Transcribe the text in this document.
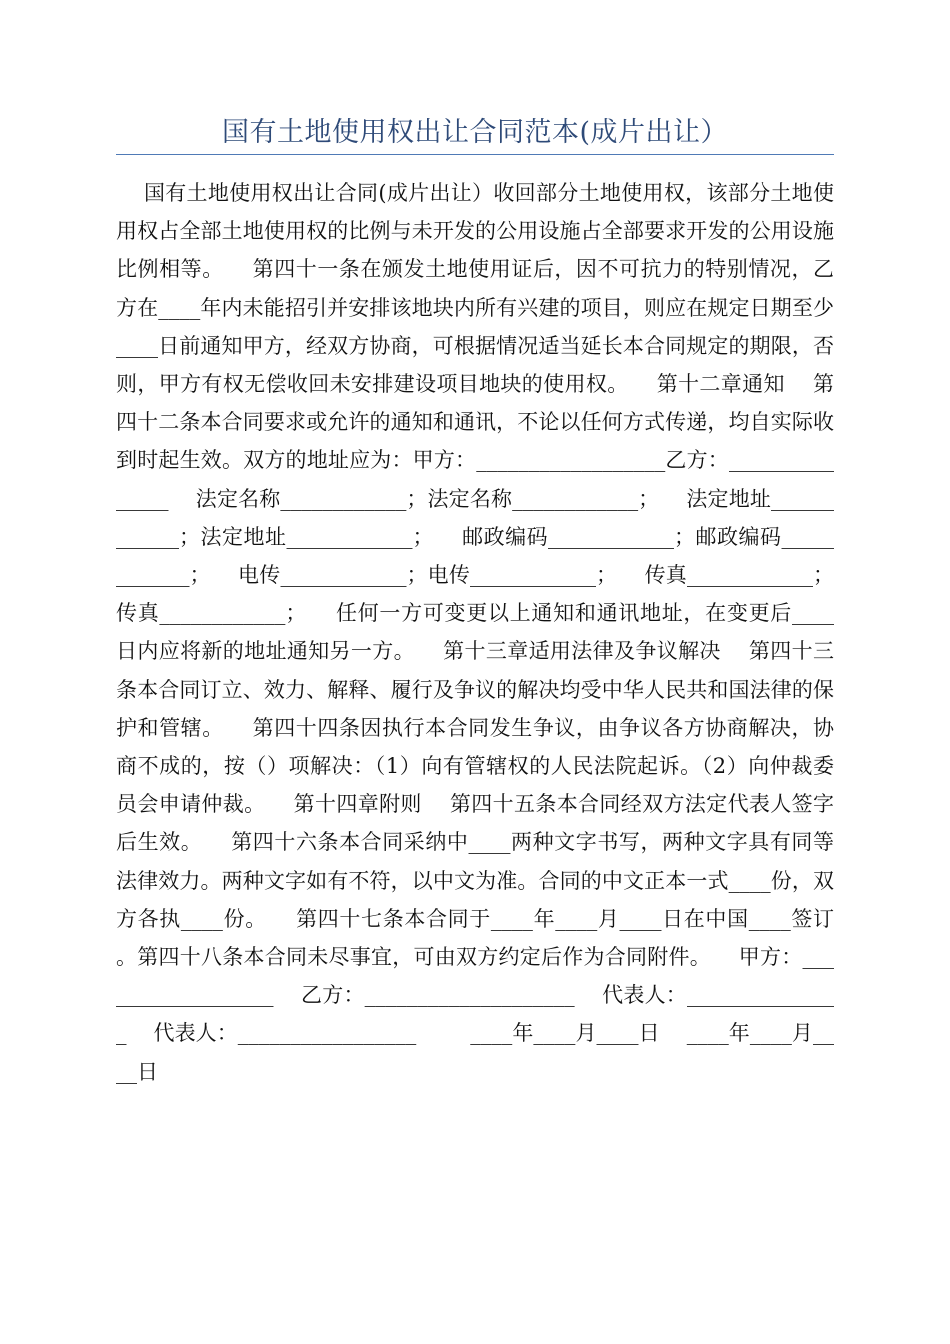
国有土地使用权出让合同范本(成片出让）
国有土地使用权出让合同(成片出让）收回部分土地使用权，该部分土地使用权占全部土地使用权的比例与未开发的公用设施占全部要求开发的公用设施比例相等。    第四十一条在颁发土地使用证后，因不可抗力的特别情况，乙方在____年内未能招引并安排该地块内所有兴建的项目，则应在规定日期至少____日前通知甲方，经双方协商，可根据情况适当延长本合同规定的期限，否则，甲方有权无偿收回未安排建设项目地块的使用权。    第十二章通知    第四十二条本合同要求或允许的通知和通讯，不论以任何方式传递，均自实际收到时起生效。双方的地址应为：甲方：__________________乙方：_______________    法定名称____________；法定名称____________；    法定地址____________；法定地址____________；    邮政编码____________；邮政编码____________；    电传____________；电传____________；    传真____________；传真____________；    任何一方可变更以上通知和通讯地址，在变更后____日内应将新的地址通知另一方。    第十三章适用法律及争议解决    第四十三条本合同订立、效力、解释、履行及争议的解决均受中华人民共和国法律的保护和管辖。    第四十四条因执行本合同发生争议，由争议各方协商解决，协商不成的，按（）项解决：（1）向有管辖权的人民法院起诉。（2）向仲裁委员会申请仲裁。    第十四章附则    第四十五条本合同经双方法定代表人签字后生效。    第四十六条本合同采纳中____两种文字书写，两种文字具有同等法律效力。两种文字如有不符，以中文为准。合同的中文正本一式____份，双方各执____份。    第四十七条本合同于____年____月____日在中国____签订。第四十八条本合同未尽事宜，可由双方约定后作为合同附件。    甲方：__________________    乙方：____________________    代表人：_______________    代表人：_________________        ____年____月____日    ____年____月____日
